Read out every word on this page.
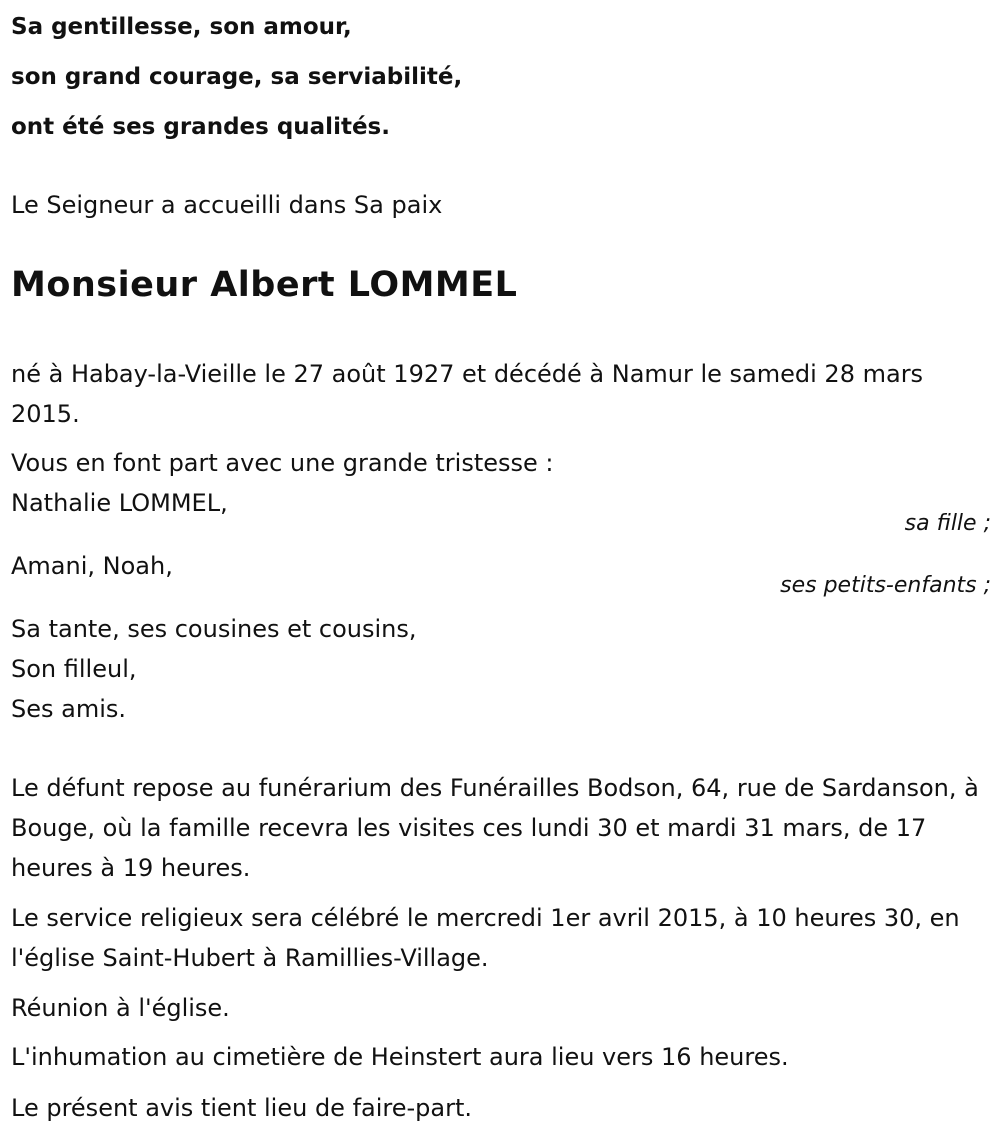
Sa gentillesse, son amour,

son grand courage, sa serviabilité,

ont été ses grandes qualités.

Le Seigneur a accueilli dans Sa paix

Monsieur Albert LOMMEL

né à Habay-la-Vieille le 27 août 1927 et décédé à Namur le samedi 28 mars 2015.

Vous en font part avec une grande tristesse :

Nathalie LOMMEL,

sa fille ;

Amani, Noah,

ses petits-enfants ;

Sa tante, ses cousines et cousins,

Son filleul,

Ses amis.

Le défunt repose au funérarium des Funérailles Bodson, 64, rue de Sardanson, à Bouge, où la famille recevra les visites ces lundi 30 et mardi 31 mars, de 17 heures à 19 heures.

Le service religieux sera célébré le mercredi 1er avril 2015, à 10 heures 30, en l'église Saint-Hubert à Ramillies-Village.

Réunion à l'église.

L'inhumation au cimetière de Heinstert aura lieu vers 16 heures.

Le présent avis tient lieu de faire-part.
